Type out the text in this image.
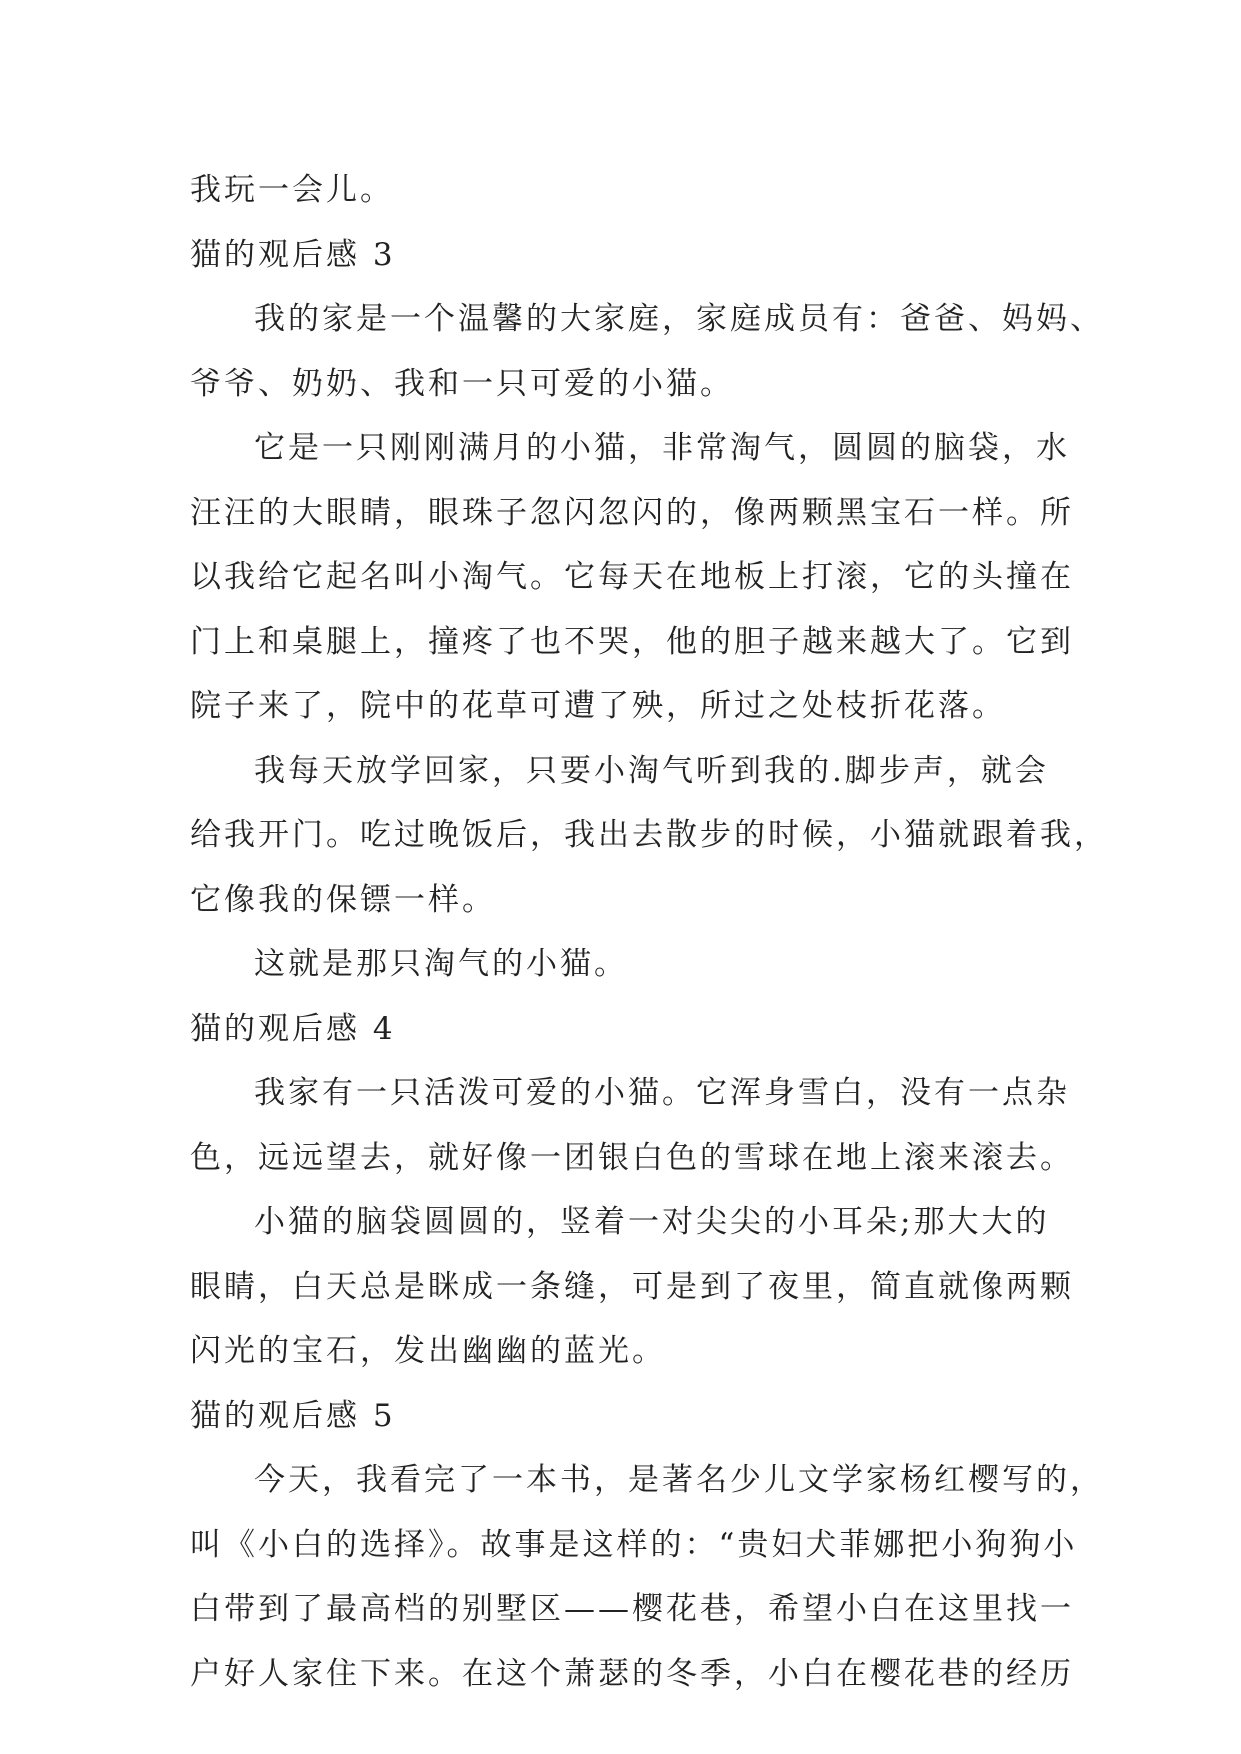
我玩一会儿。
猫的观后感 3
我的家是一个温馨的大家庭，家庭成员有：爸爸、妈妈、
爷爷、奶奶、我和一只可爱的小猫。
它是一只刚刚满月的小猫，非常淘气，圆圆的脑袋，水
汪汪的大眼睛，眼珠子忽闪忽闪的，像两颗黑宝石一样。所
以我给它起名叫小淘气。它每天在地板上打滚，它的头撞在
门上和桌腿上，撞疼了也不哭，他的胆子越来越大了。它到
院子来了，院中的花草可遭了殃，所过之处枝折花落。
我每天放学回家，只要小淘气听到我的.脚步声，就会
给我开门。吃过晚饭后，我出去散步的时候，小猫就跟着我，
它像我的保镖一样。
这就是那只淘气的小猫。
猫的观后感 4
我家有一只活泼可爱的小猫。它浑身雪白，没有一点杂
色，远远望去，就好像一团银白色的雪球在地上滚来滚去。
小猫的脑袋圆圆的，竖着一对尖尖的小耳朵;那大大的
眼睛，白天总是眯成一条缝，可是到了夜里，简直就像两颗
闪光的宝石，发出幽幽的蓝光。
猫的观后感 5
今天，我看完了一本书，是著名少儿文学家杨红樱写的，
叫《小白的选择》。故事是这样的：“贵妇犬菲娜把小狗狗小
白带到了最高档的别墅区——樱花巷，希望小白在这里找一
户好人家住下来。在这个萧瑟的冬季，小白在樱花巷的经历
